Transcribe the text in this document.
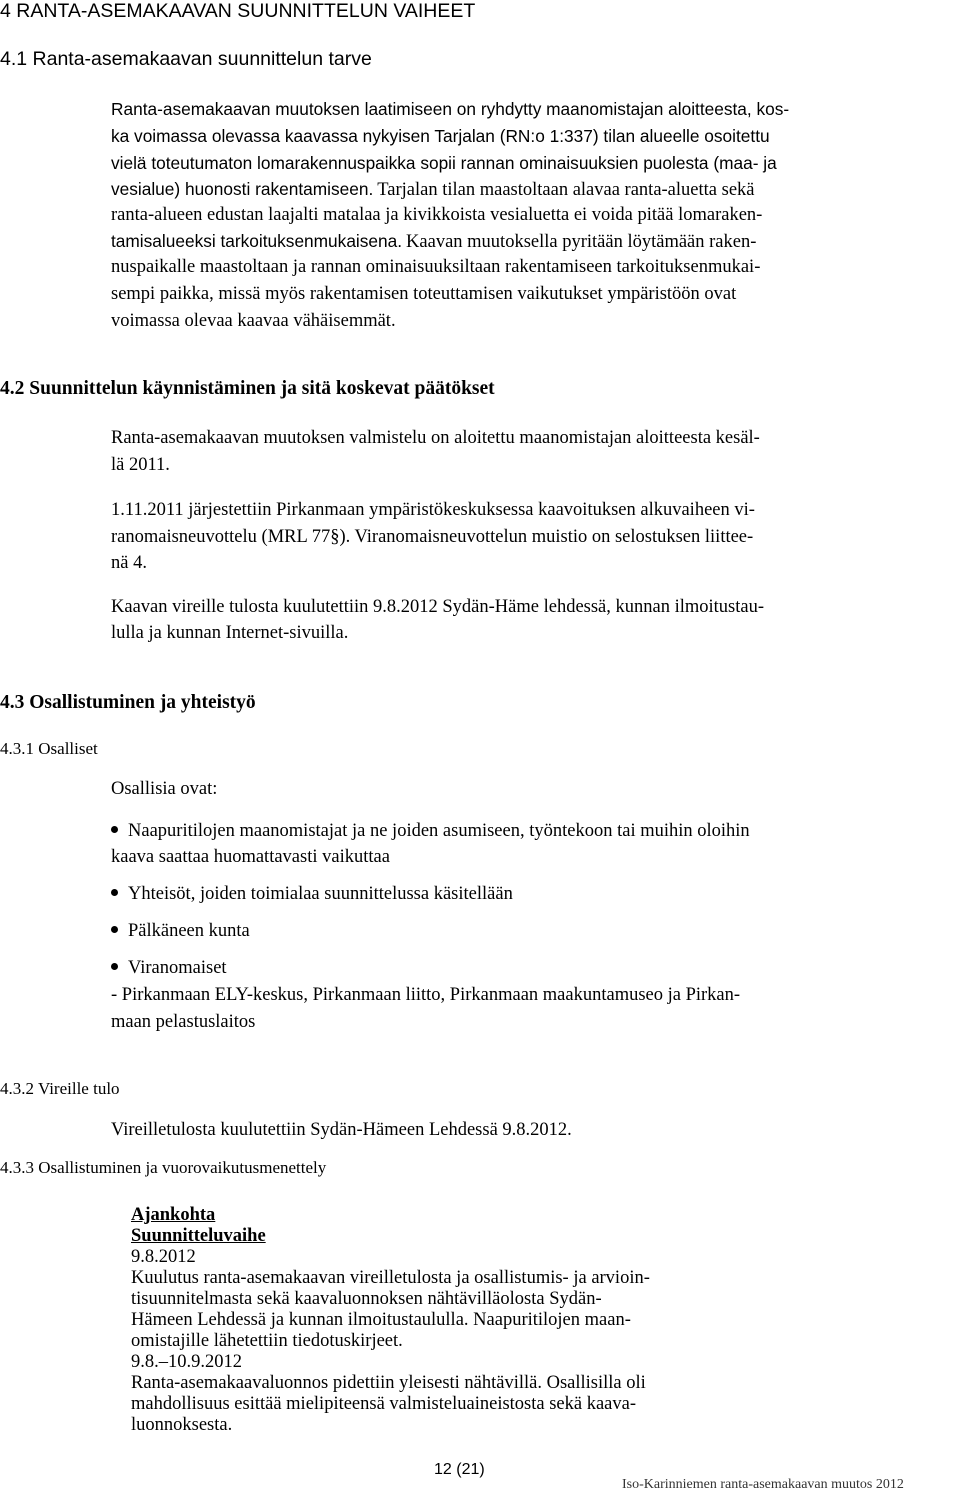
4 RANTA-ASEMAKAAVAN SUUNNITTELUN VAIHEET
4.1 Ranta-asemakaavan suunnittelun tarve
Ranta-asemakaavan muutoksen laatimiseen on ryhdytty maanomistajan aloitteesta, kos-
ka voimassa olevassa kaavassa nykyisen Tarjalan (RN:o 1:337) tilan alueelle osoitettu
vielä toteutumaton lomarakennuspaikka sopii rannan ominaisuuksien puolesta (maa- ja
vesialue) huonosti rakentamiseen. Tarjalan tilan maastoltaan alavaa ranta-aluetta sekä
ranta-alueen edustan laajalti matalaa ja kivikkoista vesialuetta ei voida pitää lomaraken-
tamisalueeksi tarkoituksenmukaisena. Kaavan muutoksella pyritään löytämään raken-
nuspaikalle maastoltaan ja rannan ominaisuuksiltaan rakentamiseen tarkoituksenmukai-
sempi paikka, missä myös rakentamisen toteuttamisen vaikutukset ympäristöön ovat
voimassa olevaa kaavaa vähäisemmät.
4.2 Suunnittelun käynnistäminen ja sitä koskevat päätökset
Ranta-asemakaavan muutoksen valmistelu on aloitettu maanomistajan aloitteesta kesäl-
lä 2011.
1.11.2011 järjestettiin Pirkanmaan ympäristökeskuksessa kaavoituksen alkuvaiheen vi-
ranomaisneuvottelu (MRL 77§). Viranomaisneuvottelun muistio on selostuksen liittee-
nä 4.
Kaavan vireille tulosta kuulutettiin 9.8.2012 Sydän-Häme lehdessä, kunnan ilmoitustau-
lulla ja kunnan Internet-sivuilla.
4.3 Osallistuminen ja yhteistyö
4.3.1 Osalliset
Osallisia ovat:
Naapuritilojen maanomistajat ja ne joiden asumiseen, työntekoon tai muihin oloihin
kaava saattaa huomattavasti vaikuttaa
Yhteisöt, joiden toimialaa suunnittelussa käsitellään
Pälkäneen kunta
Viranomaiset
- Pirkanmaan ELY-keskus, Pirkanmaan liitto, Pirkanmaan maakuntamuseo ja Pirkan-
maan pelastuslaitos
4.3.2 Vireille tulo
Vireilletulosta kuulutettiin Sydän-Hämeen Lehdessä 9.8.2012.
4.3.3 Osallistuminen ja vuorovaikutusmenettely
Ajankohta
Suunnitteluvaihe
9.8.2012
Kuulutus ranta-asemakaavan vireilletulosta ja osallistumis- ja arvioin-
tisuunnitelmasta sekä kaavaluonnoksen nähtävilläolosta Sydän-
Hämeen Lehdessä ja kunnan ilmoitustaululla. Naapuritilojen maan-
omistajille lähetettiin tiedotuskirjeet.
9.8.–10.9.2012
Ranta-asemakaavaluonnos pidettiin yleisesti nähtävillä. Osallisilla oli
mahdollisuus esittää mielipiteensä valmisteluaineistosta sekä kaava-
luonnoksesta.
12 (21)
Iso-Karinniemen ranta-asemakaavan muutos 2012
